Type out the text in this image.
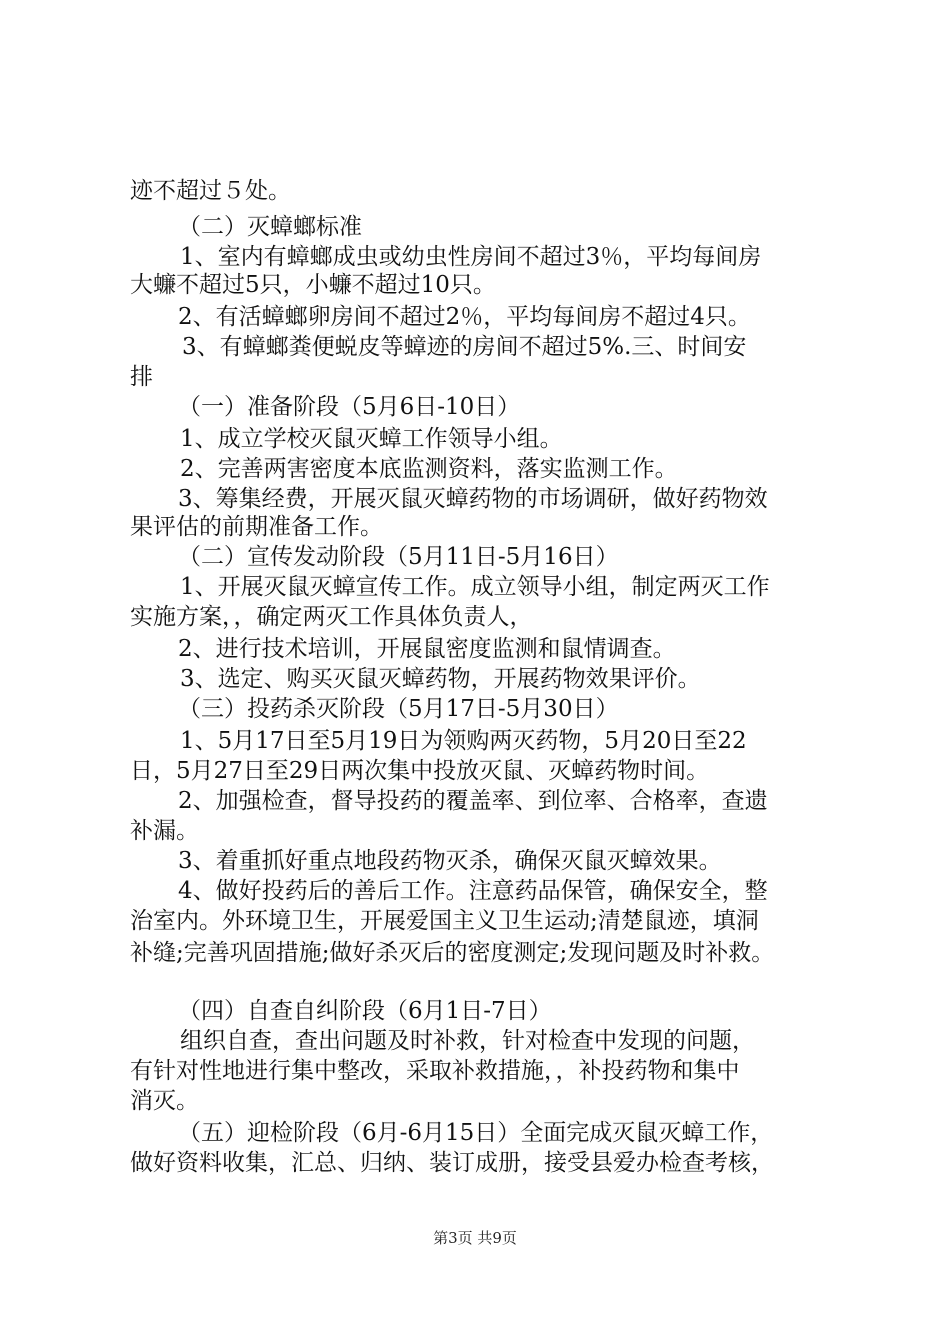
迹不超过５处。
（二）灭蟑螂标准
1、室内有蟑螂成虫或幼虫性房间不超过3％，平均每间房
大蠊不超过5只，小蠊不超过10只。
2、有活蟑螂卵房间不超过2％，平均每间房不超过4只。
3、有蟑螂粪便蜕皮等蟑迹的房间不超过5%.三、时间安
排
（一）准备阶段（5月6日-10日）
1、成立学校灭鼠灭蟑工作领导小组。
2、完善两害密度本底监测资料，落实监测工作。
3、筹集经费，开展灭鼠灭蟑药物的市场调研，做好药物效
果评估的前期准备工作。
（二）宣传发动阶段（5月11日-5月16日）
1、开展灭鼠灭蟑宣传工作。成立领导小组，制定两灭工作
实施方案，，确定两灭工作具体负责人，
2、进行技术培训，开展鼠密度监测和鼠情调查。
3、选定、购买灭鼠灭蟑药物，开展药物效果评价。
（三）投药杀灭阶段（5月17日-5月30日）
1、5月17日至5月19日为领购两灭药物，5月20日至22
日，5月27日至29日两次集中投放灭鼠、灭蟑药物时间。
2、加强检查，督导投药的覆盖率、到位率、合格率，查遗
补漏。
3、着重抓好重点地段药物灭杀，确保灭鼠灭蟑效果。
4、做好投药后的善后工作。注意药品保管，确保安全，整
治室内。外环境卫生，开展爱国主义卫生运动;清楚鼠迹，填洞
补缝;完善巩固措施;做好杀灭后的密度测定;发现问题及时补救。
（四）自查自纠阶段（6月1日-7日）
组织自查，查出问题及时补救，针对检查中发现的问题，
有针对性地进行集中整改，采取补救措施，，补投药物和集中
消灭。
（五）迎检阶段（6月-6月15日）全面完成灭鼠灭蟑工作，
做好资料收集，汇总、归纳、装订成册，接受县爱办检查考核，
第3页 共9页
